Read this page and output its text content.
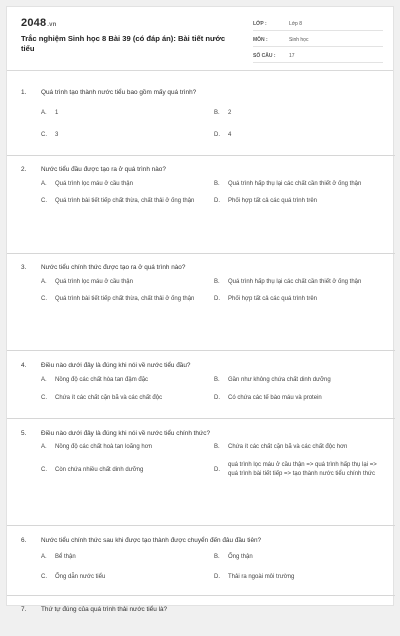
2048.vn
Trắc nghiệm Sinh học 8 Bài 39 (có đáp án): Bài tiết nước tiểu
LỚP :	Lớp 8
MÔN :	Sinh học
SỐ CÂU :	17
1.	Quá trình tạo thành nước tiểu bao gồm mấy quá trình?
A.	1	B.	2
C.	3	D.	4
2.	Nước tiểu đầu được tạo ra ở quá trình nào?
A.	Quá trình lọc máu ở cầu thận	B.	Quá trình hấp thụ lại các chất cần thiết ở ống thận
C.	Quá trình bài tiết tiếp chất thừa, chất thải ở ống thận	D.	Phối hợp tất cả các quá trình trên
3.	Nước tiểu chính thức được tạo ra ở quá trình nào?
A.	Quá trình lọc máu ở cầu thận	B.	Quá trình hấp thụ lại các chất cần thiết ở ống thận
C.	Quá trình bài tiết tiếp chất thừa, chất thải ở ống thận	D.	Phối hợp tất cả các quá trình trên
4.	Điều nào dưới đây là đúng khi nói về nước tiểu đầu?
A.	Nồng độ các chất hòa tan đậm đặc	B.	Gần như không chứa chất dinh dưỡng
C.	Chứa ít các chất cặn bã và các chất độc	D.	Có chứa các tế bào máu và protein
5.	Điều nào dưới đây là đúng khi nói về nước tiểu chính thức?
A.	Nồng độ các chất hoà tan loãng hơn	B.	Chứa ít các chất cặn bã và các chất độc hơn
C.	Còn chứa nhiều chất dinh dưỡng	D.
quá trình lọc máu ở cầu thận => quá trình hấp thụ lại => quá trình bài tiết tiếp => tạo thành nước tiểu chính thức
6.	Nước tiểu chính thức sau khi được tạo thành được chuyển đến đâu đầu tiên?
A.	Bể thận	B.	Ống thận
C.	Ống dẫn nước tiểu	D.	Thải ra ngoài môi trường
7.	Thứ tự đúng của quá trình thải nước tiểu là?
